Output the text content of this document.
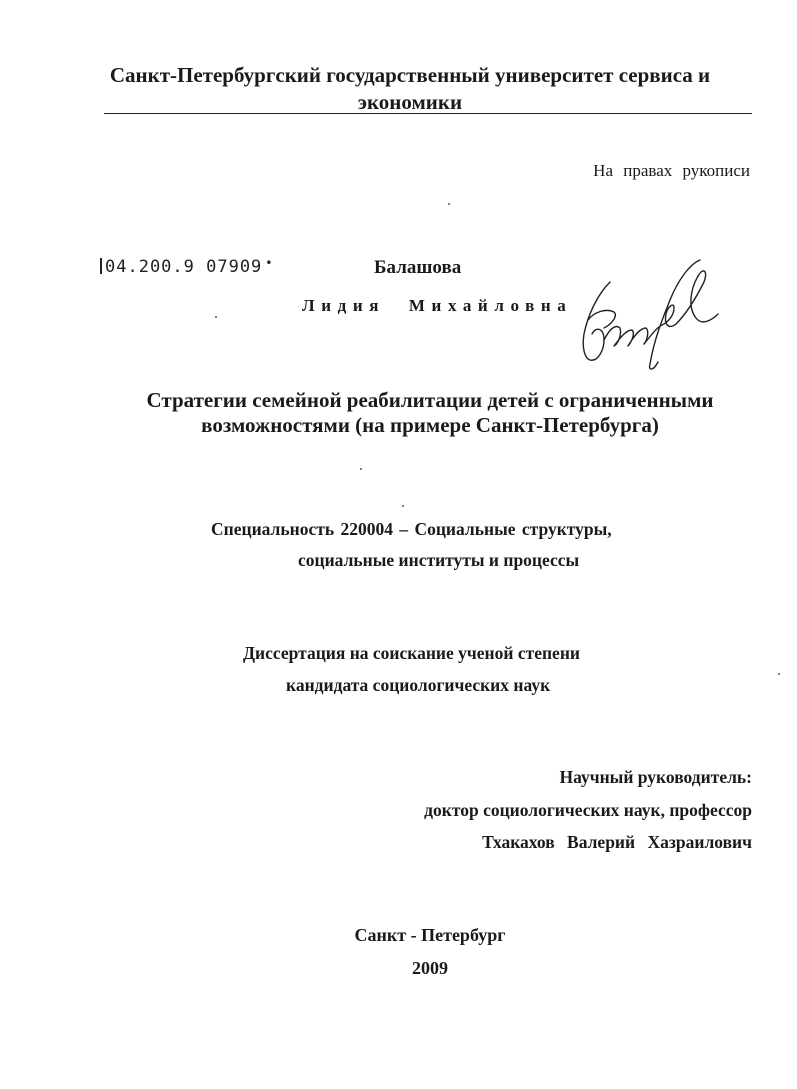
Санкт-Петербургский государственный университет сервиса и экономики
На правах рукописи
04.200.9 07909 •	Балашова
Лидия Михайловна
Стратегии семейной реабилитации детей с ограниченными возможностями (на примере Санкт-Петербурга)
Специальность 220004 – Социальные структуры,
социальные институты и процессы
Диссертация на соискание ученой степени
кандидата социологических наук
Научный руководитель:
доктор социологических наук, профессор
Тхакахов Валерий Хазраилович
Санкт - Петербург
2009
